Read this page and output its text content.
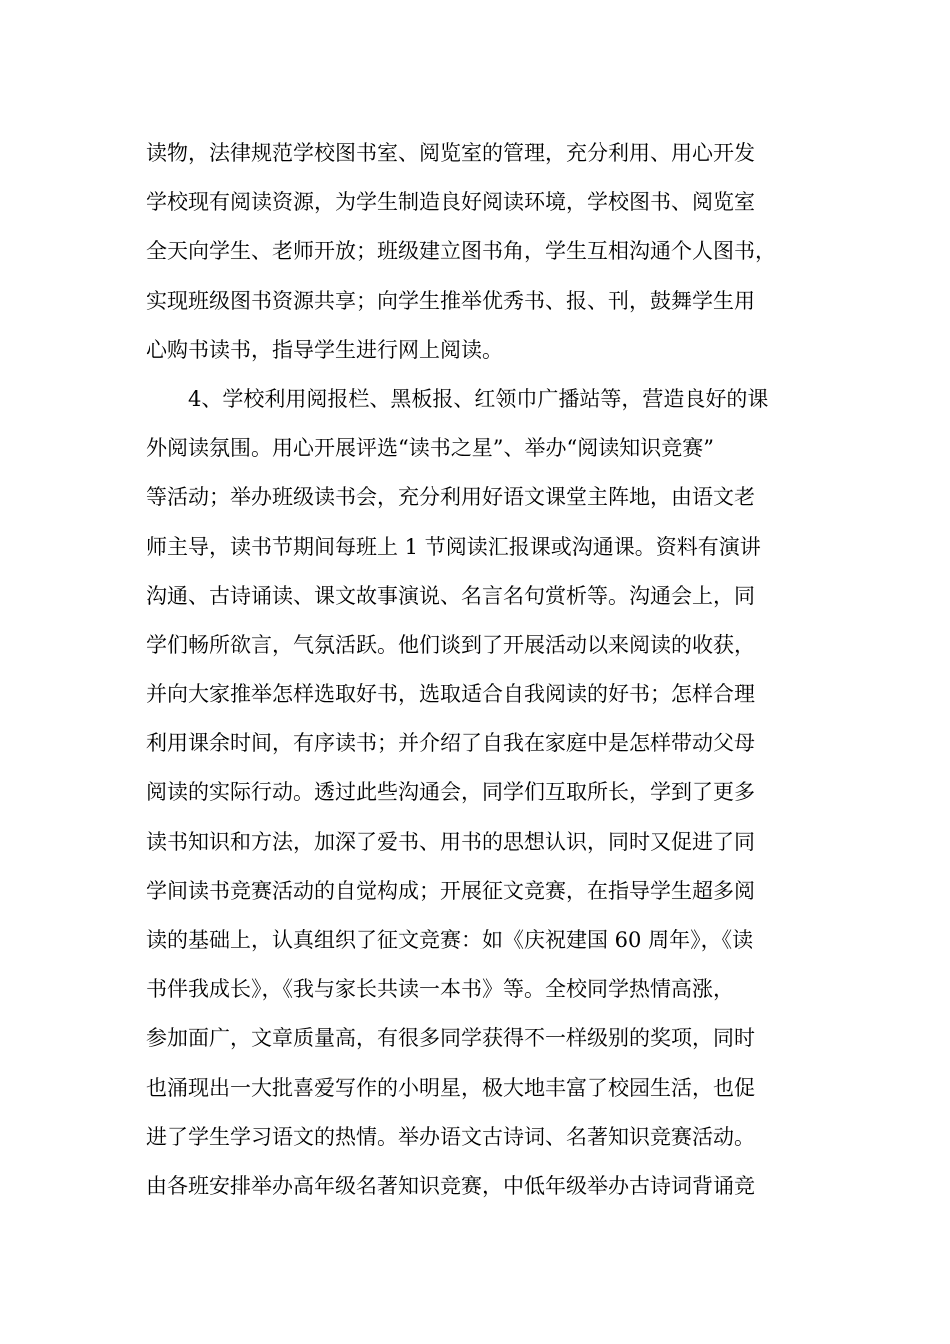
读物，法律规范学校图书室、阅览室的管理，充分利用、用心开发
学校现有阅读资源，为学生制造良好阅读环境，学校图书、阅览室
全天向学生、老师开放；班级建立图书角，学生互相沟通个人图书，
实现班级图书资源共享；向学生推举优秀书、报、刊，鼓舞学生用
心购书读书，指导学生进行网上阅读。
4、学校利用阅报栏、黑板报、红领巾广播站等，营造良好的课
外阅读氛围。用心开展评选“读书之星”、举办“阅读知识竞赛”
等活动；举办班级读书会，充分利用好语文课堂主阵地，由语文老
师主导，读书节期间每班上 1 节阅读汇报课或沟通课。资料有演讲
沟通、古诗诵读、课文故事演说、名言名句赏析等。沟通会上，同
学们畅所欲言，气氛活跃。他们谈到了开展活动以来阅读的收获，
并向大家推举怎样选取好书，选取适合自我阅读的好书；怎样合理
利用课余时间，有序读书；并介绍了自我在家庭中是怎样带动父母
阅读的实际行动。透过此些沟通会，同学们互取所长，学到了更多
读书知识和方法，加深了爱书、用书的思想认识，同时又促进了同
学间读书竞赛活动的自觉构成；开展征文竞赛，在指导学生超多阅
读的基础上，认真组织了征文竞赛：如《庆祝建国 60 周年》，《读
书伴我成长》，《我与家长共读一本书》等。全校同学热情高涨，
参加面广，文章质量高，有很多同学获得不一样级别的奖项，同时
也涌现出一大批喜爱写作的小明星，极大地丰富了校园生活，也促
进了学生学习语文的热情。举办语文古诗词、名著知识竞赛活动。
由各班安排举办高年级名著知识竞赛，中低年级举办古诗词背诵竞
